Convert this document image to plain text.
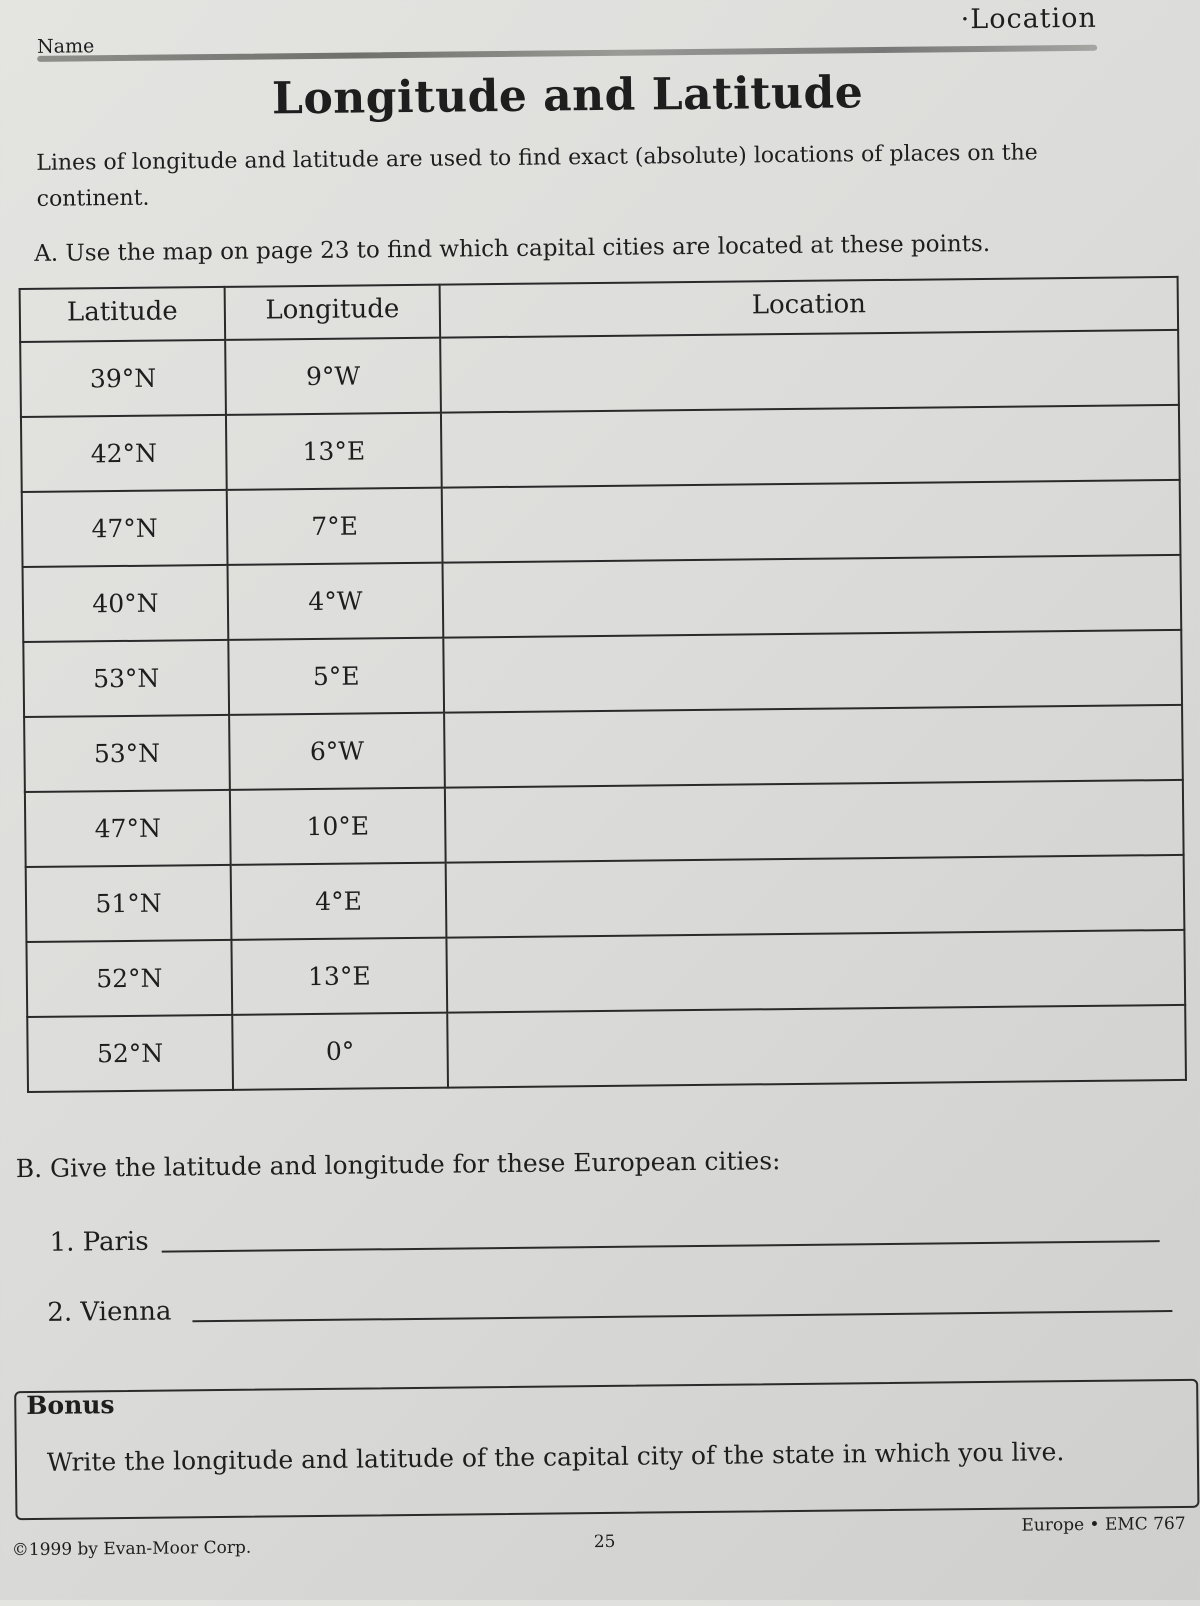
Name
·Location
Longitude and Latitude
Lines of longitude and latitude are used to find exact (absolute) locations of places on the continent.
A. Use the map on page 23 to find which capital cities are located at these points.
Latitude	Longitude	Location
39°N	9°W	
42°N	13°E	
47°N	7°E	
40°N	4°W	
53°N	5°E	
53°N	6°W	
47°N	10°E	
51°N	4°E	
52°N	13°E	
52°N	0°	
B. Give the latitude and longitude for these European cities:
1. Paris
2. Vienna
Bonus
Write the longitude and latitude of the capital city of the state in which you live.
©1999 by Evan-Moor Corp.	25
Europe • EMC 767
